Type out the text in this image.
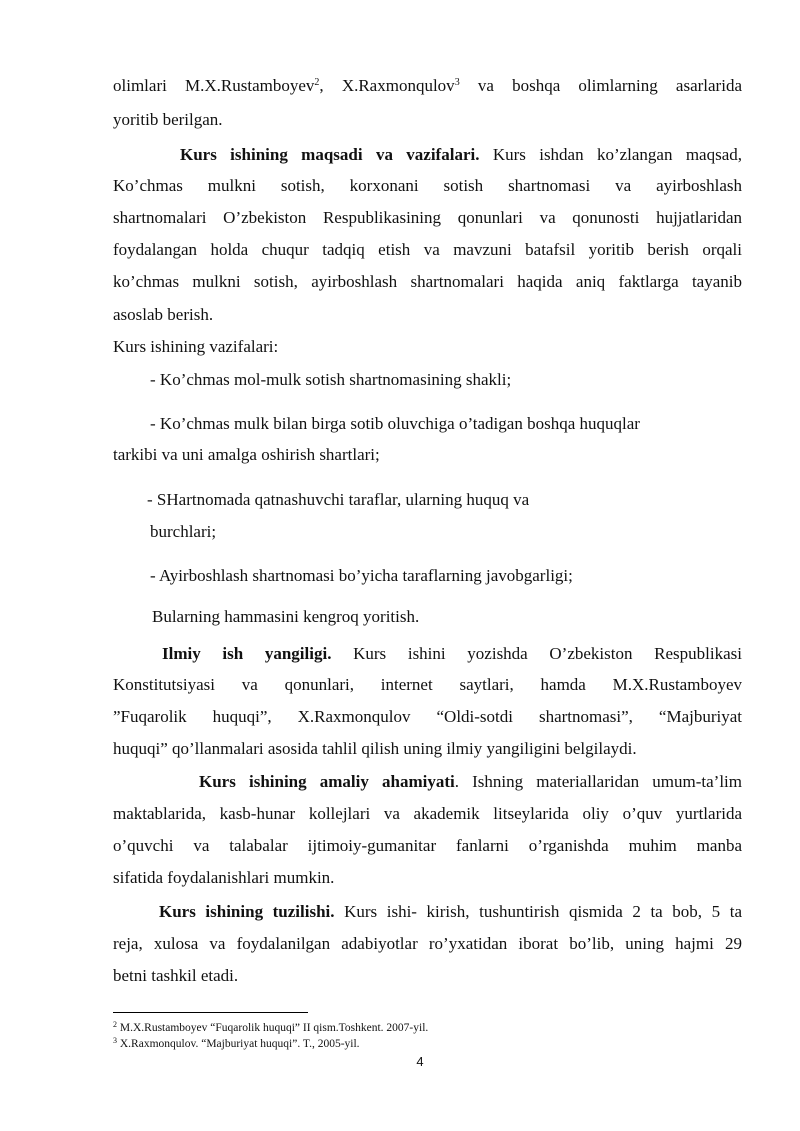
olimlari M.X.Rustamboyev$^2$, X.Raxmonqulov$^3$ va boshqa olimlarning asarlarida
yoritib berilgan.
Kurs ishining maqsadi va vazifalari. Kurs ishdan ko’zlangan maqsad,
Ko’chmas mulkni sotish, korxonani sotish shartnomasi va ayirboshlash
shartnomalari O’zbekiston Respublikasining qonunlari va qonunosti hujjatlaridan
foydalangan holda chuqur tadqiq etish va mavzuni batafsil yoritib berish orqali
ko’chmas mulkni sotish, ayirboshlash shartnomalari haqida aniq faktlarga tayanib
asoslab berish.
Kurs ishining vazifalari:
- Ko’chmas mol-mulk sotish shartnomasining shakli;
- Ko’chmas mulk bilan birga sotib oluvchiga o’tadigan boshqa huquqlar
tarkibi va uni amalga oshirish shartlari;
- SHartnomada qatnashuvchi taraflar, ularning huquq va
burchlari;
- Ayirboshlash shartnomasi bo’yicha taraflarning javobgarligi;
Bularning hammasini kengroq yoritish.
Ilmiy ish yangiligi. Kurs ishini yozishda O’zbekiston Respublikasi
Konstitutsiyasi va qonunlari, internet saytlari, hamda M.X.Rustamboyev
”Fuqarolik huquqi”, X.Raxmonqulov “Oldi-sotdi shartnomasi”, “Majburiyat
huquqi” qo’llanmalari asosida tahlil qilish uning ilmiy yangiligini belgilaydi.
Kurs ishining amaliy ahamiyati. Ishning materiallaridan umum-ta’lim
maktablarida, kasb-hunar kollejlari va akademik litseylarida oliy o’quv yurtlarida
o’quvchi va talabalar ijtimoiy-gumanitar fanlarni o’rganishda muhim manba
sifatida foydalanishlari mumkin.
Kurs ishining tuzilishi. Kurs ishi- kirish, tushuntirish qismida 2 ta bob, 5 ta
reja, xulosa va foydalanilgan adabiyotlar ro’yxatidan iborat bo’lib, uning hajmi 29
betni tashkil etadi.
$^2$ M.X.Rustamboyev “Fuqarolik huquqi” II qism.Toshkent. 2007-yil.
$^3$ X.Raxmonqulov. “Majburiyat huquqi”. T., 2005-yil.
4
